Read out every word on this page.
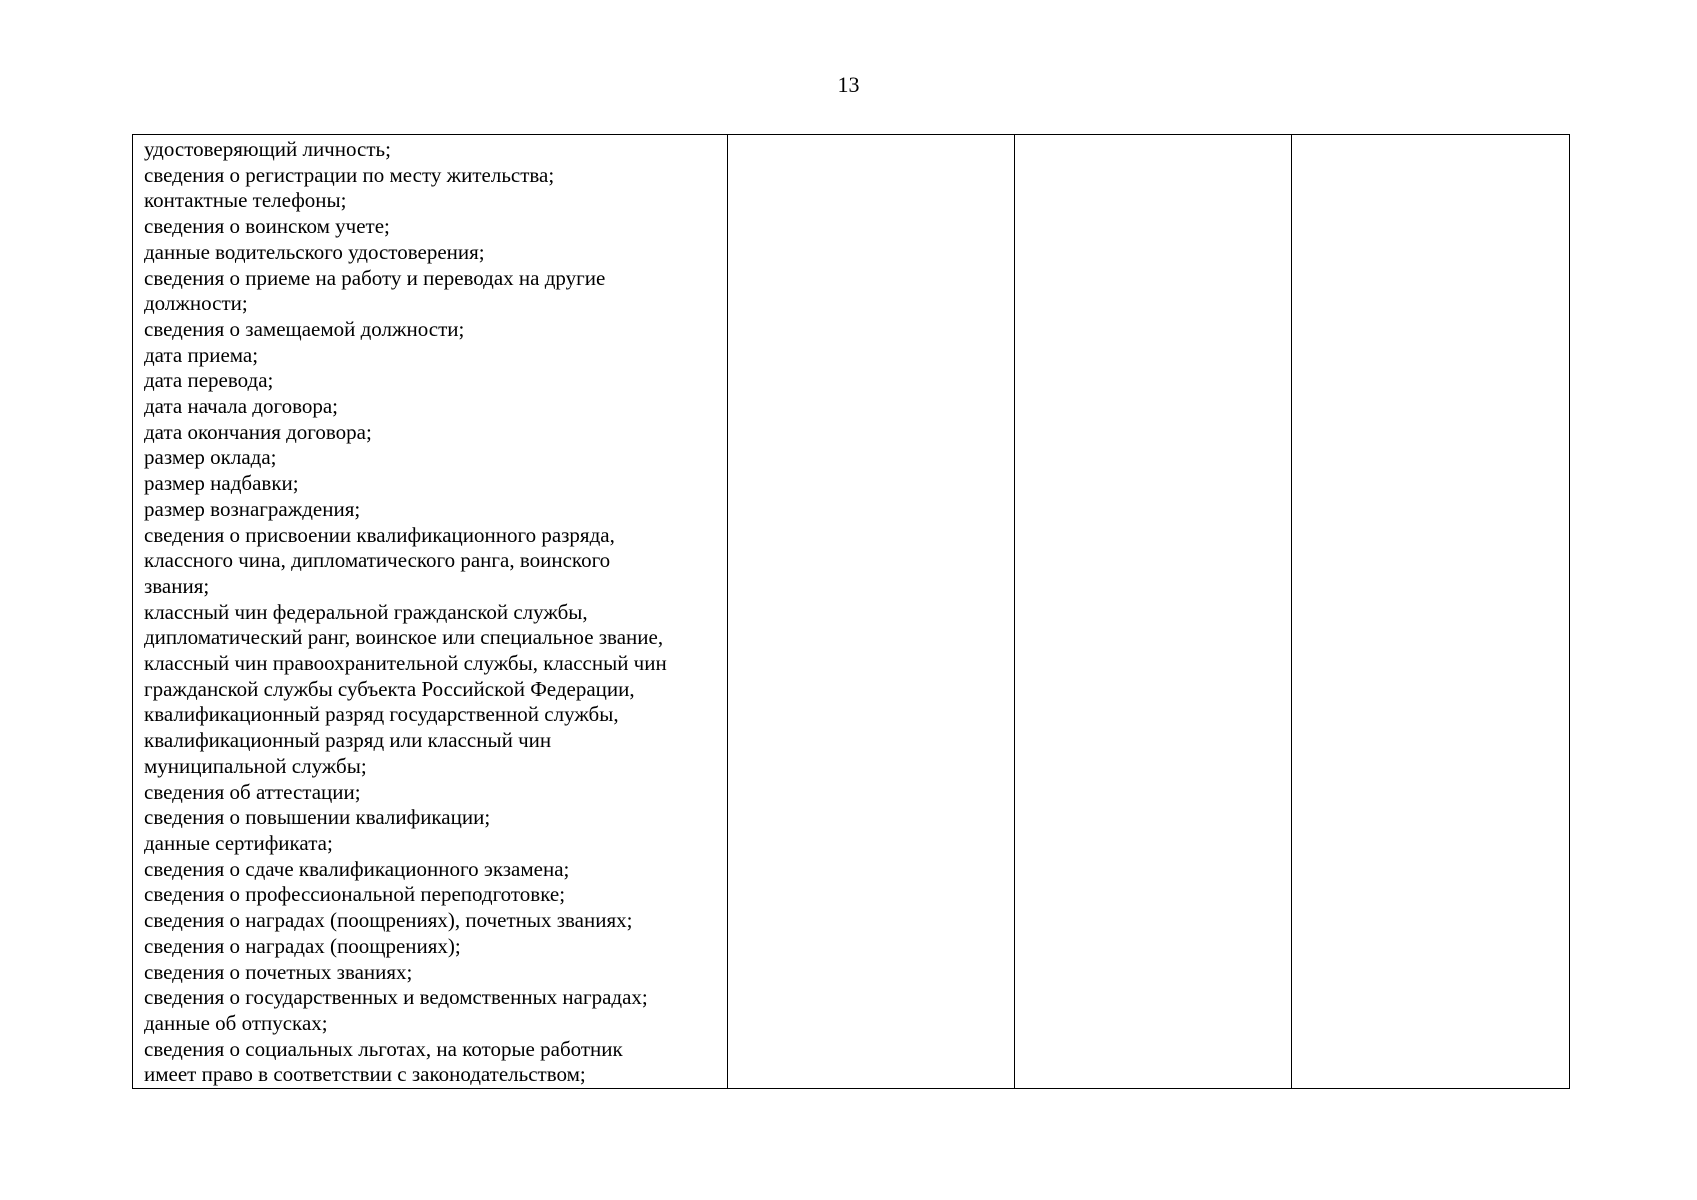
13
удостоверяющий личность;
сведения о регистрации по месту жительства;
контактные телефоны;
сведения о воинском учете;
данные водительского удостоверения;
сведения о приеме на работу и переводах на другие
должности;
сведения о замещаемой должности;
дата приема;
дата перевода;
дата начала договора;
дата окончания договора;
размер оклада;
размер надбавки;
размер вознаграждения;
сведения о присвоении квалификационного разряда,
классного чина, дипломатического ранга, воинского
звания;
классный чин федеральной гражданской службы,
дипломатический ранг, воинское или специальное звание,
классный чин правоохранительной службы, классный чин
гражданской службы субъекта Российской Федерации,
квалификационный разряд государственной службы,
квалификационный разряд или классный чин
муниципальной службы;
сведения об аттестации;
сведения о повышении квалификации;
данные сертификата;
сведения о сдаче квалификационного экзамена;
сведения о профессиональной переподготовке;
сведения о наградах (поощрениях), почетных званиях;
сведения о наградах (поощрениях);
сведения о почетных званиях;
сведения о государственных и ведомственных наградах;
данные об отпусках;
сведения о социальных льготах, на которые работник
имеет право в соответствии с законодательством;
